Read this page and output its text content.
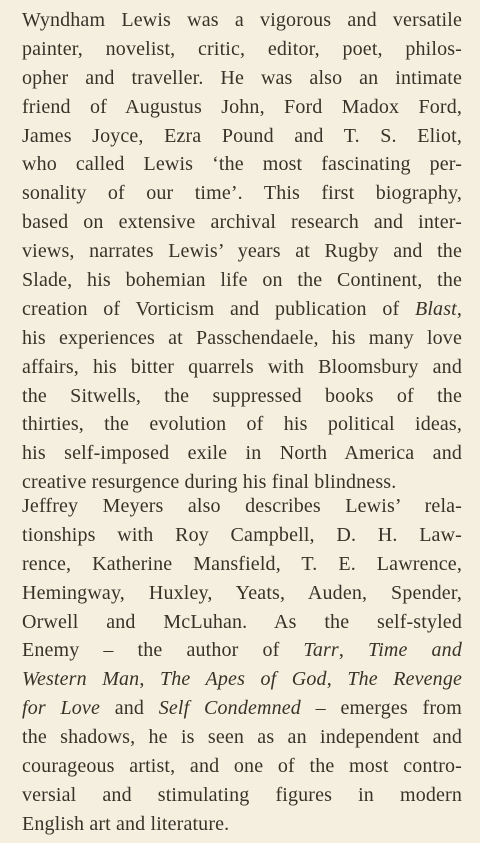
Wyndham Lewis was a vigorous and versatile
painter, novelist, critic, editor, poet, philos-
opher and traveller. He was also an intimate
friend of Augustus John, Ford Madox Ford,
James Joyce, Ezra Pound and T. S. Eliot,
who called Lewis ‘the most fascinating per-
sonality of our time’. This first biography,
based on extensive archival research and inter-
views, narrates Lewis’ years at Rugby and the
Slade, his bohemian life on the Continent, the
creation of Vorticism and publication of Blast,
his experiences at Passchendaele, his many love
affairs, his bitter quarrels with Bloomsbury and
the Sitwells, the suppressed books of the
thirties, the evolution of his political ideas,
his self-imposed exile in North America and
creative resurgence during his final blindness.
Jeffrey Meyers also describes Lewis’ rela-
tionships with Roy Campbell, D. H. Law-
rence, Katherine Mansfield, T. E. Lawrence,
Hemingway, Huxley, Yeats, Auden, Spender,
Orwell and McLuhan. As the self-styled
Enemy – the author of Tarr, Time and
Western Man, The Apes of God, The Revenge
for Love and Self Condemned – emerges from
the shadows, he is seen as an independent and
courageous artist, and one of the most contro-
versial and stimulating figures in modern
English art and literature.
